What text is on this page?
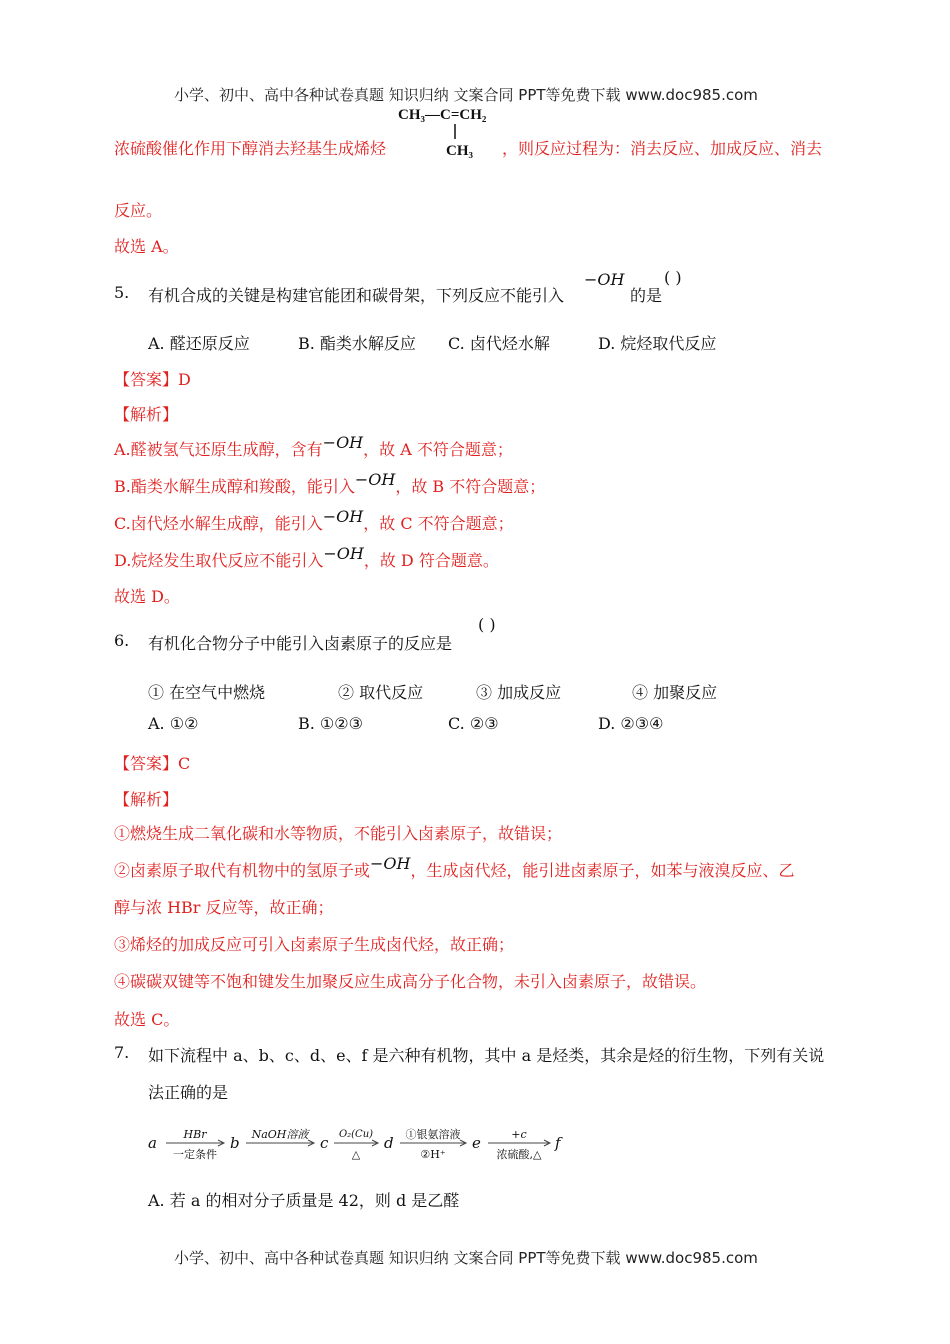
小学、初中、高中各种试卷真题 知识归纳 文案合同 PPT等免费下载 www.doc985.com
浓硫酸催化作用下醇消去羟基生成烯烃
CH₃—C=CH₂
CH₃ ，则反应过程为：消去反应、加成反应、消去
反应。
故选 A。
5. 有机合成的关键是构建官能团和碳骨架，下列反应不能引入
−OH
的是
( )
A. 醛还原反应	B. 酯类水解反应 C. 卤代烃水解	D. 烷烃取代反应
【答案】D
【解析】
A.醛被氢气还原生成醇，含有−OH，故 A 不符合题意；
B.酯类水解生成醇和羧酸，能引入−OH，故 B 不符合题意；
C.卤代烃水解生成醇，能引入−OH，故 C 不符合题意；
D.烷烃发生取代反应不能引入−OH，故 D 符合题意。
故选 D。
6. 有机化合物分子中能引入卤素原子的反应是
( )
① 在空气中燃烧	② 取代反应	③ 加成反应	④ 加聚反应
A. ①②	B. ①②③	C. ②③	D. ②③④
【答案】C
【解析】
①燃烧生成二氧化碳和水等物质，不能引入卤素原子，故错误；
②卤素原子取代有机物中的氢原子或−OH，生成卤代烃，能引进卤素原子，如苯与液溴反应、乙
醇与浓 HBr 反应等，故正确；
③烯烃的加成反应可引入卤素原子生成卤代烃，故正确；
④碳碳双键等不饱和键发生加聚反应生成高分子化合物，未引入卤素原子，故错误。
故选 C。
7. 如下流程中 a、b、c、d、e、f 是六种有机物，其中 a 是烃类，其余是烃的衍生物，下列有关说
法正确的是
a	b	c	d	e	f
HBr
一定条件
NaOH溶液	O₂(Cu)
△
①银氨溶液
②H⁺
+c
浓硫酸,△
A. 若 a 的相对分子质量是 42，则 d 是乙醛
小学、初中、高中各种试卷真题 知识归纳 文案合同 PPT等免费下载 www.doc985.com
